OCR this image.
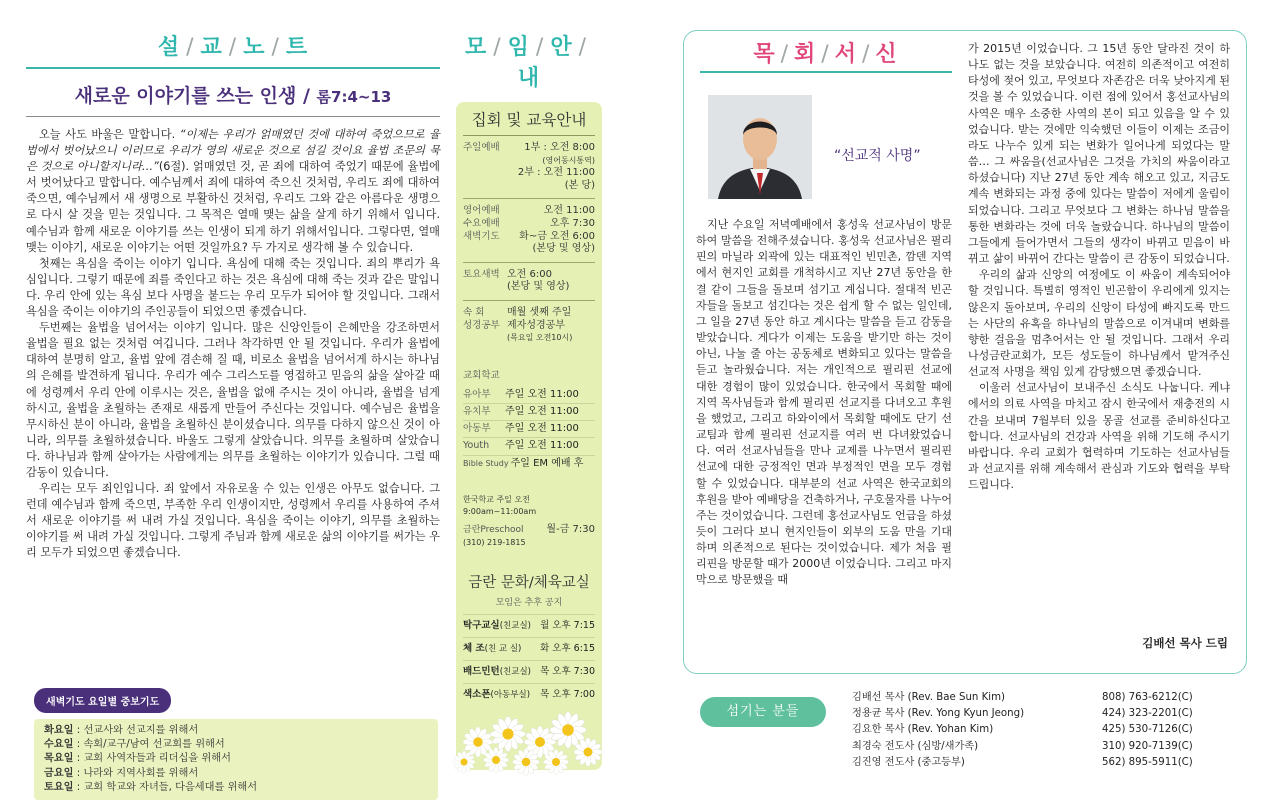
설 / 교 / 노 / 트
새로운 이야기를 쓰는 인생 / 롬7:4~13

오늘 사도 바울은 말합니다. “이제는 우리가 얽매였던 것에 대하여 죽었으므로 율법에서 벗어났으니 이러므로 우리가 영의 새로운 것으로 섬길 것이요 율법 조문의 묵은 것으로 아니할지니라…”(6절). 얽매였던 것, 곧 죄에 대하여 죽었기 때문에 율법에서 벗어났다고 말합니다. 예수님께서 죄에 대하여 죽으신 것처럼, 우리도 죄에 대하여 죽으면, 예수님께서 새 생명으로 부활하신 것처럼, 우리도 그와 같은 아름다운 생명으로 다시 살 것을 믿는 것입니다. 그 목적은 열매 맺는 삶을 살게 하기 위해서 입니다. 예수님과 함께 새로운 이야기를 쓰는 인생이 되게 하기 위해서입니다. 그렇다면, 열매 맺는 이야기, 새로운 이야기는 어떤 것일까요? 두 가지로 생각해 볼 수 있습니다.

첫째는 욕심을 죽이는 이야기 입니다. 욕심에 대해 죽는 것입니다. 죄의 뿌리가 욕심입니다. 그렇기 때문에 죄를 죽인다고 하는 것은 욕심에 대해 죽는 것과 같은 말입니다. 우리 안에 있는 욕심 보다 사명을 붙드는 우리 모두가 되어야 할 것입니다. 그래서 욕심을 죽이는 이야기의 주인공들이 되었으면 좋겠습니다.

두번째는 율법을 넘어서는 이야기 입니다. 많은 신앙인들이 은혜만을 강조하면서 율법을 필요 없는 것처럼 여깁니다. 그러나 착각하면 안 될 것입니다. 우리가 율법에 대하여 분명히 알고, 율법 앞에 겸손해 질 때, 비로소 율법을 넘어서게 하시는 하나님의 은혜를 발견하게 됩니다. 우리가 예수 그리스도를 영접하고 믿음의 삶을 살아갈 때에 성령께서 우리 안에 이루시는 것은, 율법을 없애 주시는 것이 아니라, 율법을 넘게 하시고, 율법을 초월하는 존재로 새롭게 만들어 주신다는 것입니다. 예수님은 율법을 무시하신 분이 아니라, 율법을 초월하신 분이셨습니다. 의무를 다하지 않으신 것이 아니라, 의무를 초월하셨습니다. 바울도 그렇게 살았습니다. 의무를 초월하며 살았습니다. 하나님과 함께 살아가는 사람에게는 의무를 초월하는 이야기가 있습니다. 그럴 때 감동이 있습니다.

우리는 모두 죄인입니다. 죄 앞에서 자유로울 수 있는 인생은 아무도 없습니다. 그런데 예수님과 함께 죽으면, 부족한 우리 인생이지만, 성령께서 우리를 사용하여 주셔서 새로운 이야기를 써 내려 가실 것입니다. 욕심을 죽이는 이야기, 의무를 초월하는 이야기를 써 내려 가실 것입니다. 그렇게 주님과 함께 새로운 삶의 이야기를 써가는 우리 모두가 되었으면 좋겠습니다.

새벽기도 요일별 중보기도
화요일 : 선교사와 선교지를 위해서
수요일 : 속회/교구/남여 선교회를 위해서
목요일 : 교회 사역자들과 리더십을 위해서
금요일 : 나라와 지역사회를 위해서
토요일 : 교회 학교와 자녀들, 다음세대를 위해서
모 / 임 / 안 /내
집회 및 교육안내
주일예배	1부 : 오전 8:00
(영어동시통역)
2부 : 오전 11:00
(본 당)
영어예배	오전 11:00
수요예배	오후 7:30
새벽기도	화~금 오전 6:00
(본당 및 영상)
토요새벽 오전 6:00
(본당 및 영상)
속 회	매월 셋째 주일
성경공부 제자성경공부
(목요일 오전10시)
교회학교
유아부	주일 오전 11:00
유치부	주일 오전 11:00
아동부	주일 오전 11:00
Youth	주일 오전 11:00
Bible Study 주일 EM 예배 후
한국학교 주일 오전 9:00am~11:00am
금란Preschool	월-금 7:30
(310) 219-1815
금란 문화/체육교실
모임은 추후 공지
탁구교실(친교실) 월 오후 7:15
체 조(친 교 실) 화 오후 6:15
배드민턴(친교실) 목 오후 7:30
색소폰(아동부실) 목 오후 7:00
목 / 회 / 서 / 신
“선교적 사명”

지난 수요일 저녁예배에서 홍성욱 선교사님이 방문하여 말씀을 전해주셨습니다. 홍성욱 선교사님은 필리핀의 마닐라 외곽에 있는 대표적인 빈민촌, 깜덴 지역에서 현지인 교회를 개척하시고 지난 27년 동안을 한결 같이 그들을 돌보며 섬기고 계십니다. 절대적 빈곤자들을 돌보고 섬긴다는 것은 쉽게 할 수 없는 일인데, 그 일을 27년 동안 하고 계시다는 말씀을 듣고 감동을 받았습니다. 게다가 이제는 도움을 받기만 하는 것이 아닌, 나눌 줄 아는 공동체로 변화되고 있다는 말씀을 듣고 놀라웠습니다. 저는 개인적으로 필리핀 선교에 대한 경험이 많이 있었습니다. 한국에서 목회할 때에 지역 목사님들과 함께 필리핀 선교지를 다녀오고 후원을 했었고, 그리고 하와이에서 목회할 때에도 단기 선교팀과 함께 필리핀 선교지를 여러 번 다녀왔었습니다. 여러 선교사님들을 만나 교제를 나누면서 필리핀 선교에 대한 긍정적인 면과 부정적인 면을 모두 경험할 수 있었습니다. 대부분의 선교 사역은 한국교회의 후원을 받아 예배당을 건축하거나, 구호물자를 나누어 주는 것이었습니다. 그런데 홍선교사님도 언급을 하셨듯이 그러다 보니 현지인들이 외부의 도움 만을 기대하며 의존적으로 된다는 것이었습니다. 제가 처음 필리핀을 방문할 때가 2000년 이었습니다. 그리고 마지막으로 방문했을 때

가 2015년 이었습니다. 그 15년 동안 달라진 것이 하나도 없는 것을 보았습니다. 여전히 의존적이고 여전히 타성에 젖어 있고, 무엇보다 자존감은 더욱 낮아지게 된 것을 볼 수 있었습니다. 이런 점에 있어서 홍선교사님의 사역은 매우 소중한 사역의 본이 되고 있음을 알 수 있었습니다. 받는 것에만 익숙했던 이들이 이제는 조금이라도 나누수 있게 되는 변화가 일어나게 되었다는 말씀… 그 싸움을(선교사님은 그것을 가치의 싸움이라고 하셨습니다) 지난 27년 동안 계속 해오고 있고, 지금도 계속 변화되는 과정 중에 있다는 말씀이 저에게 울림이 되었습니다. 그리고 무엇보다 그 변화는 하나님 말씀을 통한 변화라는 것에 더욱 놀랐습니다. 하나님의 말씀이 그들에게 들어가면서 그들의 생각이 바뀌고 믿음이 바뀌고 삶이 바뀌어 간다는 말씀이 큰 감동이 되었습니다.

우리의 삶과 신앙의 여정에도 이 싸움이 계속되어야 할 것입니다. 특별히 영적인 빈곤함이 우리에게 있지는 않은지 돌아보며, 우리의 신앙이 타성에 빠지도록 만드는 사단의 유혹을 하나님의 말씀으로 이겨내며 변화를 향한 걸음을 멈추어서는 안 될 것입니다. 그래서 우리 나성금란교회가, 모든 성도들이 하나님께서 맡겨주신 선교적 사명을 책임 있게 감당했으면 좋겠습니다.

이울러 선교사님이 보내주신 소식도 나눕니다. 케냐에서의 의료 사역을 마치고 잠시 한국에서 재충전의 시간을 보내며 7월부터 있을 몽골 선교를 준비하신다고 합니다. 선교사님의 건강과 사역을 위해 기도해 주시기 바랍니다. 우리 교회가 협력하며 기도하는 선교사님들과 선교지를 위해 계속해서 관심과 기도와 협력을 부탁드립니다.

김배선 목사 드림
섬기는 분들
김배선 목사 (Rev. Bae Sun Kim)	808) 763-6212(C)
정용균 목사 (Rev. Yong Kyun Jeong)	424) 323-2201(C)
김요한 목사 (Rev. Yohan Kim)	425) 530-7126(C)
최경숙 전도사 (심방/새가족)	310) 920-7139(C)
김진영 전도사 (중고등부)	562) 895-5911(C)
